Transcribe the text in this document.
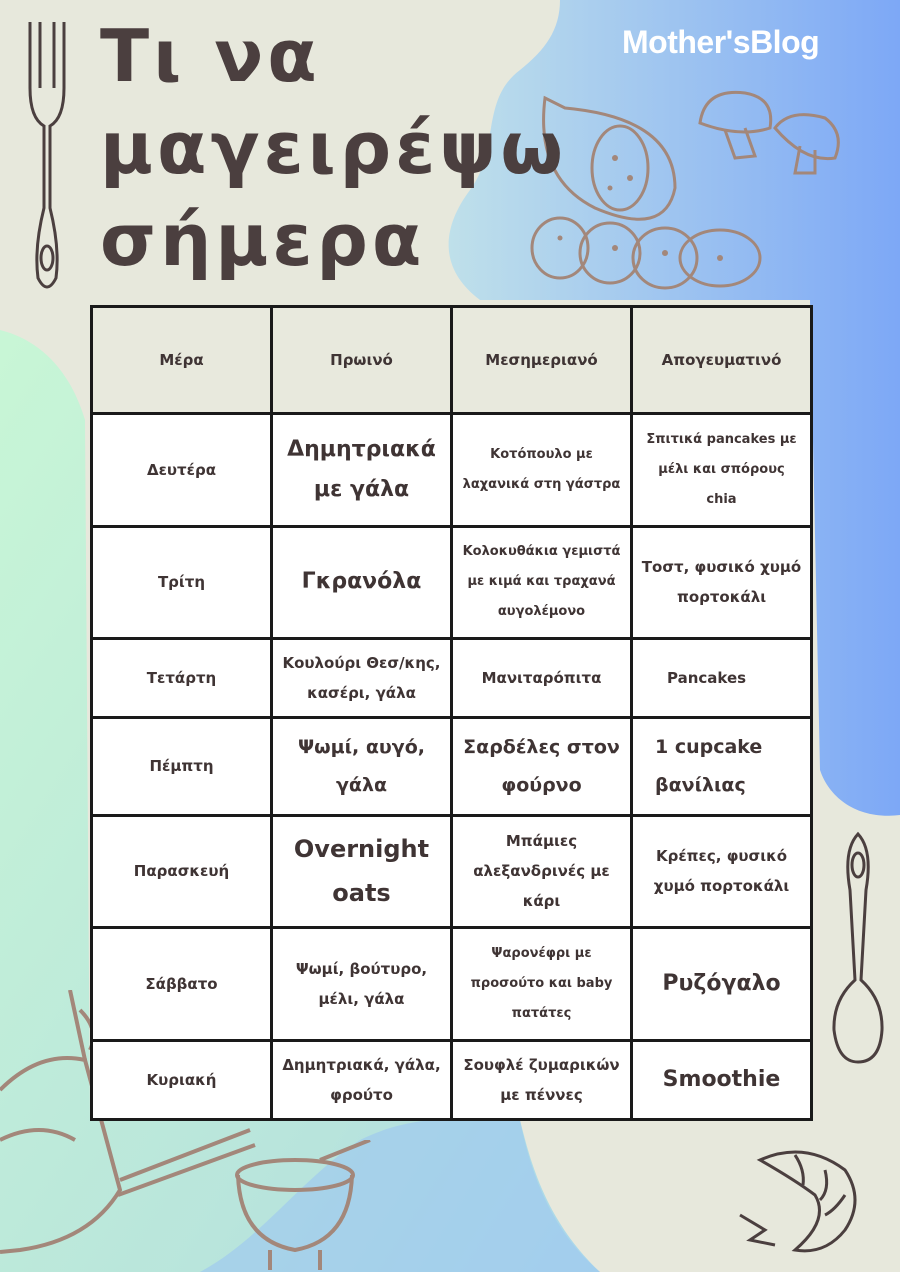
Τι να
μαγειρέψω
σήμερα
Mother'sBlog
Μέρα	Πρωινό	Μεσημεριανό	Απογευματινό
Δευτέρα	Δημητριακά με γάλα	Κοτόπουλο με λαχανικά στη γάστρα	Σπιτικά pancakes με μέλι και σπόρους chia
Τρίτη	Γκρανόλα	Κολοκυθάκια γεμιστά με κιμά και τραχανά αυγολέμονο	Τοστ, φυσικό χυμό πορτοκάλι
Τετάρτη	Κουλούρι Θεσ/κης, κασέρι, γάλα	Μανιταρόπιτα	Pancakes
Πέμπτη	Ψωμί, αυγό, γάλα	Σαρδέλες στον φούρνο	1 cupcake βανίλιας
Παρασκευή	Overnight oats	Μπάμιες αλεξανδρινές με κάρι	Κρέπες, φυσικό χυμό πορτοκάλι
Σάββατο	Ψωμί, βούτυρο, μέλι, γάλα	Ψαρονέφρι με προσούτο και baby πατάτες	Ρυζόγαλο
Κυριακή	Δημητριακά, γάλα, φρούτο	Σουφλέ ζυμαρικών με πέννες	Smoothie
